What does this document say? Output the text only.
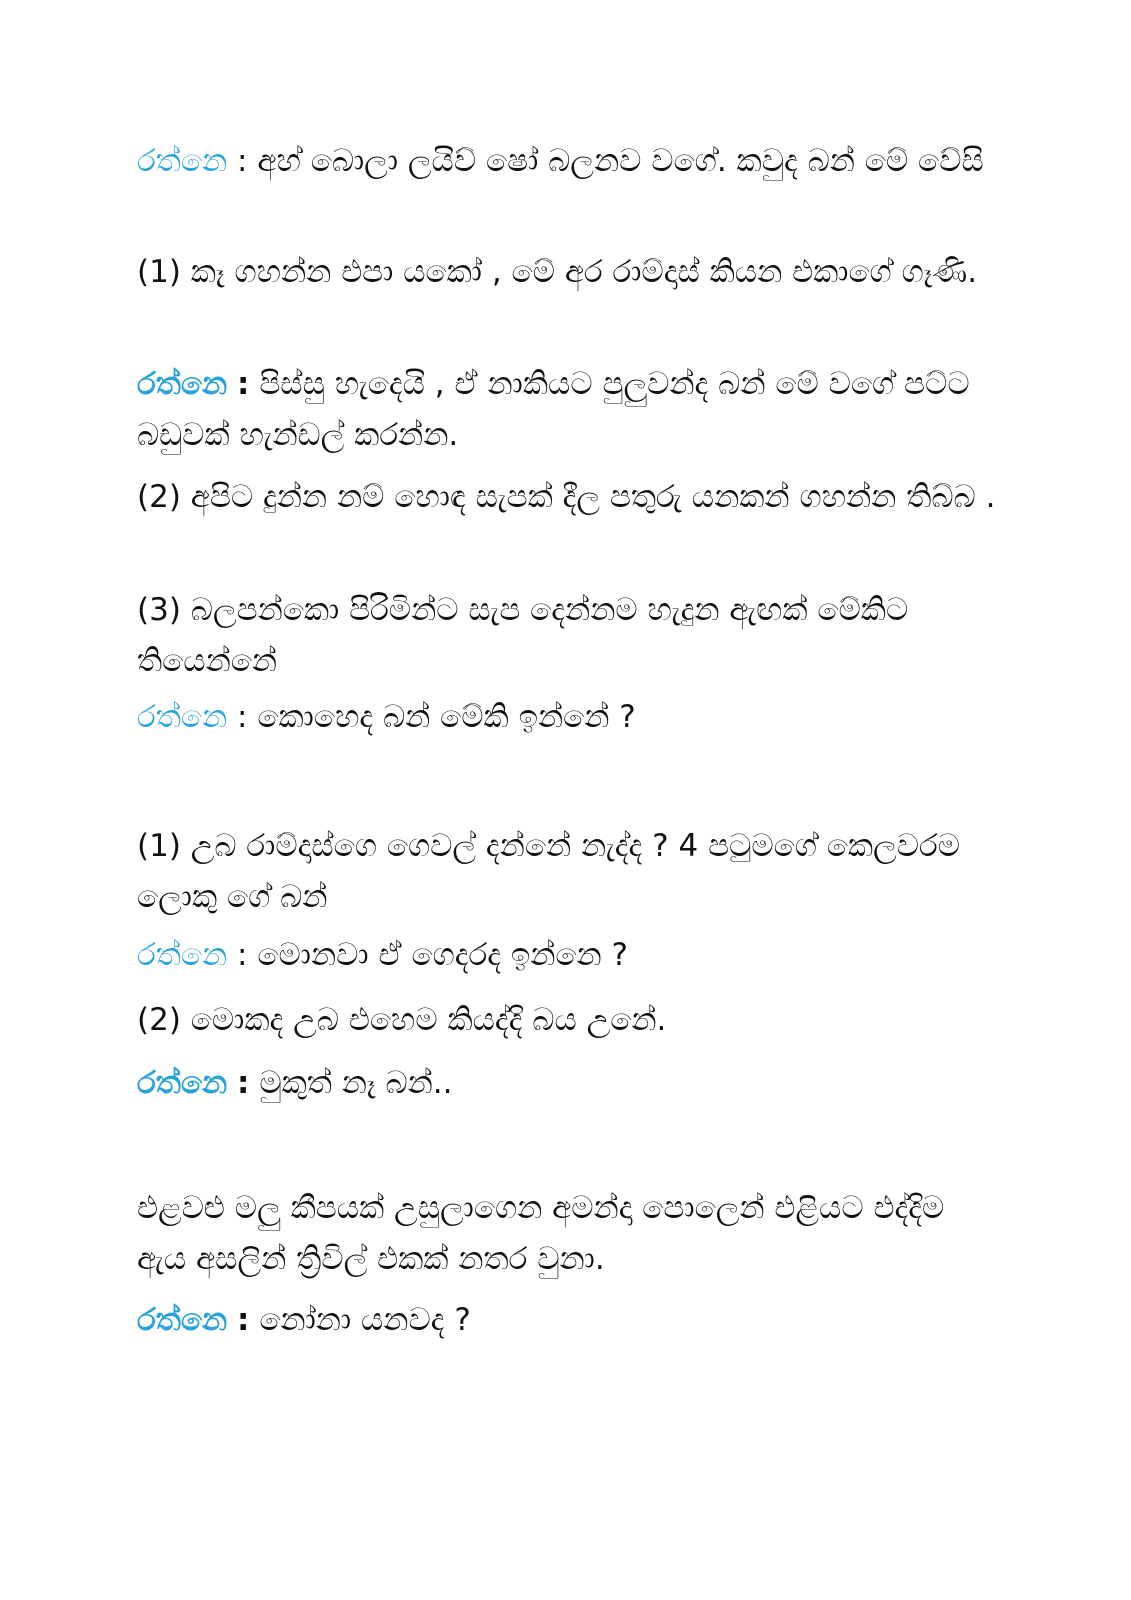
රත්නෙ : අහ් බොලා ලයිව් ෂෝ බලනව වගේ. කවුද බන් මේ වේසි

(1) කෑ ගහන්න එපා යකෝ , මේ අර රාම්දාස් කියන එකාගේ ගෑණි.

රත්නෙ : පිස්සු හැදෙයි , ඒ නාකියට පුලුවන්ද බන් මේ වගේ පට්ට බඩුවක් හැන්ඩල් කරන්න.

(2) අපිට දුන්න නම් හොඳ සැපක් දීල පතුරු යනකන් ගහන්න තිබ්බ .

(3) බලපන්කො පිරිමින්ට සැප දෙන්නම හැදුන ඇඟක් මේකිට තියෙන්නේ

රත්නෙ : කොහෙද බන් මේකි ඉන්නේ ?

(1) උබ රාම්දාස්ගෙ ගෙවල් දන්නේ නැද්ද ? 4 පටුමගේ කෙලවරම ලොකු ගේ බන්

රත්නෙ : මොනවා ඒ ගෙදරද ඉන්නෙ ?

(2) මොකද උබ එහෙම කියද්දි බය උනේ.

රත්නෙ : මුකුත් නෑ බන්..

එළවළු මලු කීපයක් උසුලාගෙන අමන්දා පොලෙන් එළියට එද්දිම ඇය අසලින් ත්‍රිවිල් එකක් නතර වුනා.

රත්නෙ : නෝනා යනවද ?
